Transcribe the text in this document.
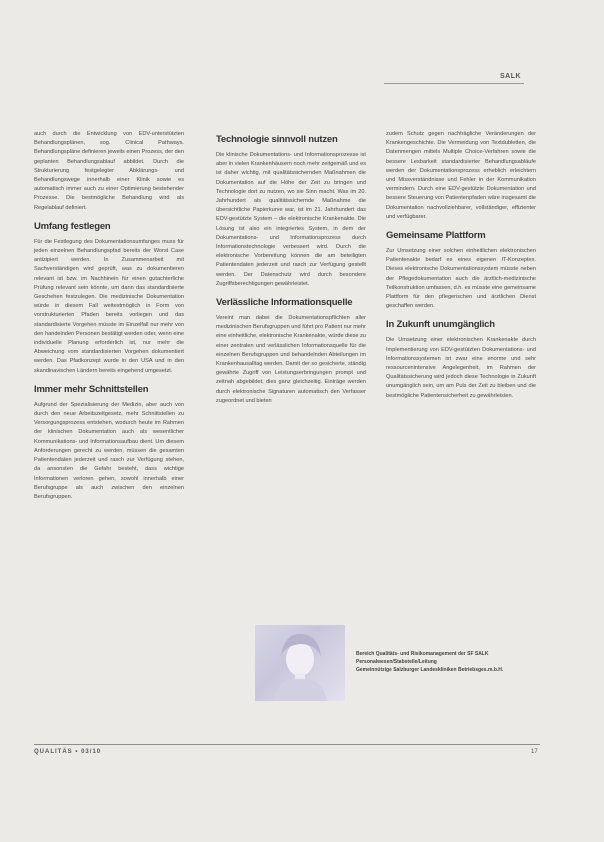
SALK

auch durch die Entwicklung von EDV-unterstützten Behandlungsplänen, sog. Clinical Pathways. Behandlungspläne definieren jeweils einen Prozess, der den geplanten Behandlungsablauf abbildet. Durch die Strukturierung festgelegter Abklärungs- und Behandlungswege innerhalb einer Klinik sowie es automatisch immer auch zu einer Optimierung bestehender Prozesse. Die bestmögliche Behandlung wird als Regelablauf definiert.

Umfang festlegen

Für die Festlegung des Dokumentationsumfanges muss für jeden einzelnen Behandlungspfad bereits der Worst Case antizipiert werden. In Zusammenarbeit mit Sachverständigen wird geprüft, was zu dokumentieren relevant ist bzw. im Nachhinein für einen gutachterliche Prüfung relevant sein könnte, um dann das standardisierte Geschehen festzulegen. Die medizinische Dokumentation würde in diesem Fall weitestmöglich in Form von vorstrukturierten Pfaden bereits vorliegen und das standardisierte Vorgehen müsste im Einzelfall nur mehr von den handelnden Personen bestätigt werden oder, wenn eine individuelle Planung erforderlich ist, nur mehr die Abweichung vom standardisierten Vorgehen dokumentiert werden. Das Pfadkonzept wurde in den USA und in den skandinavischen Ländern bereits eingehend umgesetzt.

Immer mehr Schnittstellen

Aufgrund der Spezialisierung der Medizin, aber auch von durch den neue Arbeitszeitgesetz, mehr Schnittstellen zu Versorgungsprozess entstehen, wodurch heute im Rahmen der klinischen Dokumentation auch als wesentlicher Kommunikations- und Informationsaufbau dient. Um diesem Anforderungen gerecht zu werden, müssen die gesamten Patientendaten jederzeit und rasch zur Verfügung stehen, da ansonsten die Gefahr besteht, dass wichtige Informationen verloren gehen, sowohl innerhalb einer Berufsgruppe als auch zwischen den einzelnen Berufsgruppen.

Technologie sinnvoll nutzen

Die klinische Dokumentations- und Informationsprozesse ist aber in vielen Krankenhäusern noch mehr zeitgemäß und es ist daher wichtig, mit qualitätssichernden Maßnahmen die Dokumentation auf die Höhe der Zeit zu bringen und Technologie dort zu nutzen, wo sie Sinn macht. Was im 20. Jahrhundert als qualitätssichernde Maßnahme die übersichtliche Papierkurve war, ist im 21. Jahrhundert das EDV-gestützte System – die elektronische Krankenakte. Die Lösung ist also ein integriertes System, in dem der Dokumentations- und Informationsprozess durch Informationstechnologie verbessert wird. Durch die elektronische Vorbereitung können die am beteiligten Patientendaten jederzeit und rasch zur Verfügung gestellt werden. Der Datenschutz wird durch besondere Zugriffsberechtigungen gewährleistet.

Verlässliche Informationsquelle

Vereint man dabei die Dokumentationspflichten aller medizinischen Berufsgruppen und führt pro Patient nur mehr eine einheitliche, elektronische Krankenakte, würde diese zu einer zentralen und verlässlichen Informationsquelle für die einzelnen Berufsgruppen und behandelnden Abteilungen im Krankenhausalltag werden. Damit der so gesicherte, ständig gewährte Zugriff von Leistungserbringungen prompt und zeitnah abgebildet, dies ganz gleichzeitig. Einträge werden durch elektronische Signaturen automatisch den Verfasser zugeordnet und bieten

zudem Schutz gegen nachträgliche Veränderungen der Krankengeschichte. Die Vermeidung von Textdubletten, die Datenmengen mittels Multiple Choice-Verfahren sowie die bessere Lesbarkeit standardisierter Behandlungsabläufe werden der Dokumentationsprozess erheblich erleichtern und Missverständnisse und Fehler in der Kommunikation vermindern. Durch eine EDV-gestützte Dokumentation und bessere Steuerung von Patientenpfaden wäre insgesamt die Dokumentation nachvollziehbarer, vollständiger, effizienter und verfügbarer.

Gemeinsame Plattform

Zur Umsetzung einer solchen einheitlichen elektronischen Patientenakte bedarf es eines eigenen IT-Konzeptes. Dieses elektronische Dokumentationssystem müsste neben der Pflegedokumentation auch die ärztlich-medizinische Teilkonstruktion umfassen, d.h. es müsste eine gemeinsame Plattform für den pflegerischen und ärztlichen Dienst geschaffen werden.

In Zukunft unumgänglich

Die Umsetzung einer elektronischen Krankenakte durch Implementierung von EDV-gestützten Dokumentations- und Informationssystemen ist zwar eine enorme und sehr ressourcenintensive Angelegenheit, im Rahmen der Qualitätssicherung wird jedoch diese Technologie in Zukunft unumgänglich sein, um am Puls der Zeit zu bleiben und die bestmögliche Patientensicherheit zu gewährleisten.

Bereich Qualitäts- und Risikomanagement der SF SALK
Personalwesen/Stabstelle/Leitung
Gemeinnützige Salzburger Landeskliniken Betriebsges.m.b.H.
QUALITÄS • 03/10	17
